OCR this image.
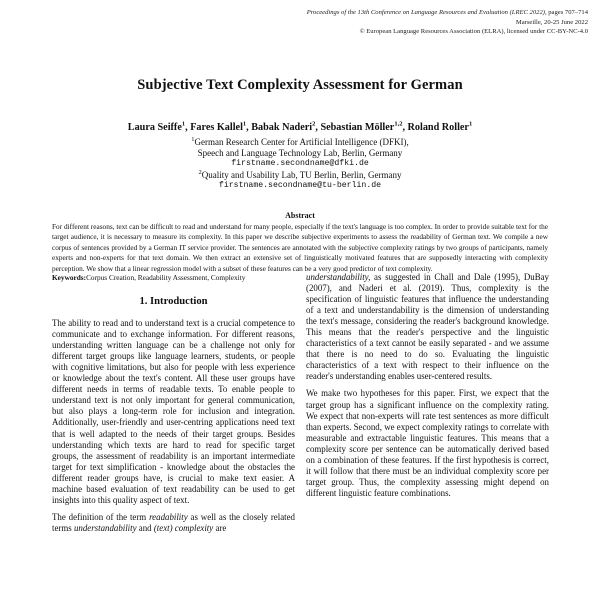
Proceedings of the 13th Conference on Language Resources and Evaluation (LREC 2022), pages 707–714
Marseille, 20-25 June 2022
© European Language Resources Association (ELRA), licensed under CC-BY-NC-4.0
Subjective Text Complexity Assessment for German
Laura Seiffe$^1$, Fares Kallel$^1$, Babak Naderi$^2$, Sebastian Möller$^{1,2}$, Roland Roller$^1$
$^1$German Research Center for Artificial Intelligence (DFKI),
Speech and Language Technology Lab, Berlin, Germany
firstname.secondname@dfki.de
$^2$Quality and Usability Lab, TU Berlin, Berlin, Germany
firstname.secondname@tu-berlin.de
Abstract
For different reasons, text can be difficult to read and understand for many people, especially if the text's language is too complex. In order to provide suitable text for the target audience, it is necessary to measure its complexity. In this paper we describe subjective experiments to assess the readability of German text. We compile a new corpus of sentences provided by a German IT service provider. The sentences are annotated with the subjective complexity ratings by two groups of participants, namely experts and non-experts for that text domain. We then extract an extensive set of linguistically motivated features that are supposedly interacting with complexity perception. We show that a linear regression model with a subset of these features can be a very good predictor of text complexity.
Keywords:Corpus Creation, Readability Assessment, Complexity
1. Introduction

The ability to read and to understand text is a crucial competence to communicate and to exchange information. For different reasons, understanding written language can be a challenge not only for different target groups like language learners, students, or people with cognitive limitations, but also for people with less experience or knowledge about the text's content. All these user groups have different needs in terms of readable texts. To enable people to understand text is not only important for general communication, but also plays a long-term role for inclusion and integration. Additionally, user-friendly and user-centring applications need text that is well adapted to the needs of their target groups. Besides understanding which texts are hard to read for specific target groups, the assessment of readability is an important intermediate target for text simplification - knowledge about the obstacles the different reader groups have, is crucial to make text easier. A machine based evaluation of text readability can be used to get insights into this quality aspect of text.

The definition of the term readability as well as the closely related terms understandability and (text) complexity are

understandability, as suggested in Chall and Dale (1995), DuBay (2007), and Naderi et al. (2019). Thus, complexity is the specification of linguistic features that influence the understanding of a text and understandability is the dimension of understanding the text's message, considering the reader's background knowledge. This means that the reader's perspective and the linguistic characteristics of a text cannot be easily separated - and we assume that there is no need to do so. Evaluating the linguistic characteristics of a text with respect to their influence on the reader's understanding enables user-centered results.

We make two hypotheses for this paper. First, we expect that the target group has a significant influence on the complexity rating. We expect that non-experts will rate test sentences as more difficult than experts. Second, we expect complexity ratings to correlate with measurable and extractable linguistic features. This means that a complexity score per sentence can be automatically derived based on a combination of these features. If the first hypothesis is correct, it will follow that there must be an individual complexity score per target group. Thus, the complexity assessing might depend on different linguistic feature combinations.
